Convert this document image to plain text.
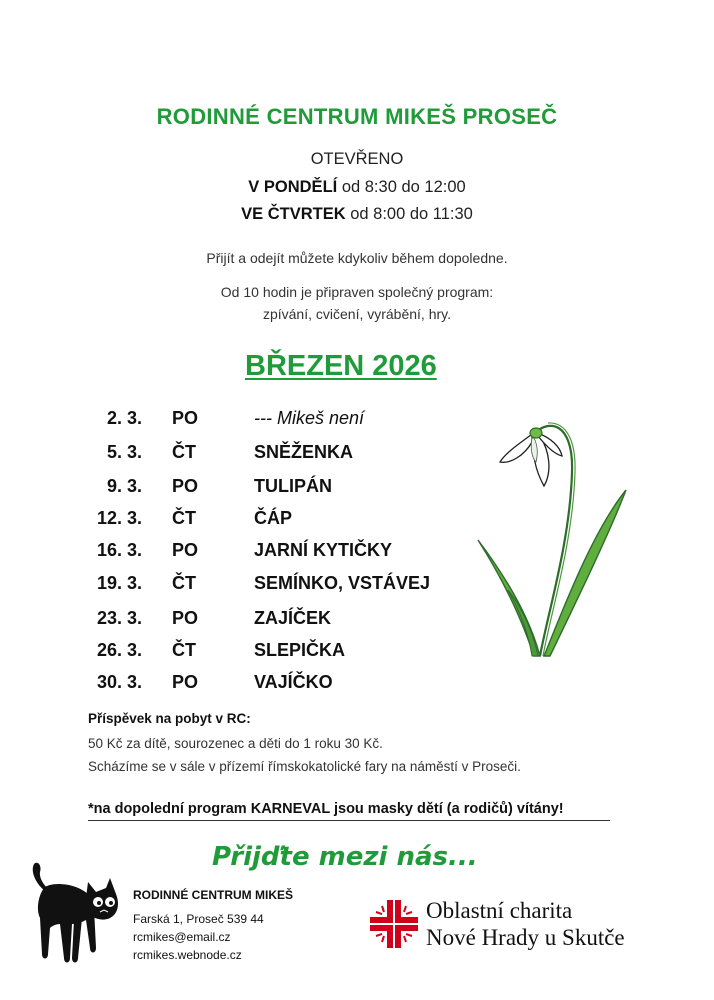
RODINNÉ CENTRUM MIKEŠ PROSEČ
OTEVŘENO
V PONDĚLÍ od 8:30 do 12:00
VE ČTVRTEK od 8:00 do 11:30
Přijít a odejít můžete kdykoliv během dopoledne.
Od 10 hodin je připraven společný program:
zpívání, cvičení, vyrábění, hry.
BŘEZEN 2026
2. 3. PO	--- Mikeš není
5. 3. ČT	SNĚŽENKA
9. 3. PO	TULIPÁN
12. 3. ČT	ČÁP
16. 3. PO	JARNÍ KYTIČKY
19. 3. ČT	SEMÍNKO, VSTÁVEJ
23. 3. PO	ZAJÍČEK
26. 3. ČT	SLEPIČKA
30. 3. PO	VAJÍČKO
Příspěvek na pobyt v RC:
50 Kč za dítě, sourozenec a děti do 1 roku 30 Kč.
Scházíme se v sále v přízemí římskokatolické fary na náměstí v Proseči.
*na dopolední program KARNEVAL jsou masky dětí (a rodičů) vítány!
Přijďte mezi nás...
RODINNÉ CENTRUM MIKEŠ
Farská 1, Proseč 539 44
rcmikes@email.cz
rcmikes.webnode.cz
Oblastní charita
Nové Hrady u Skutče
